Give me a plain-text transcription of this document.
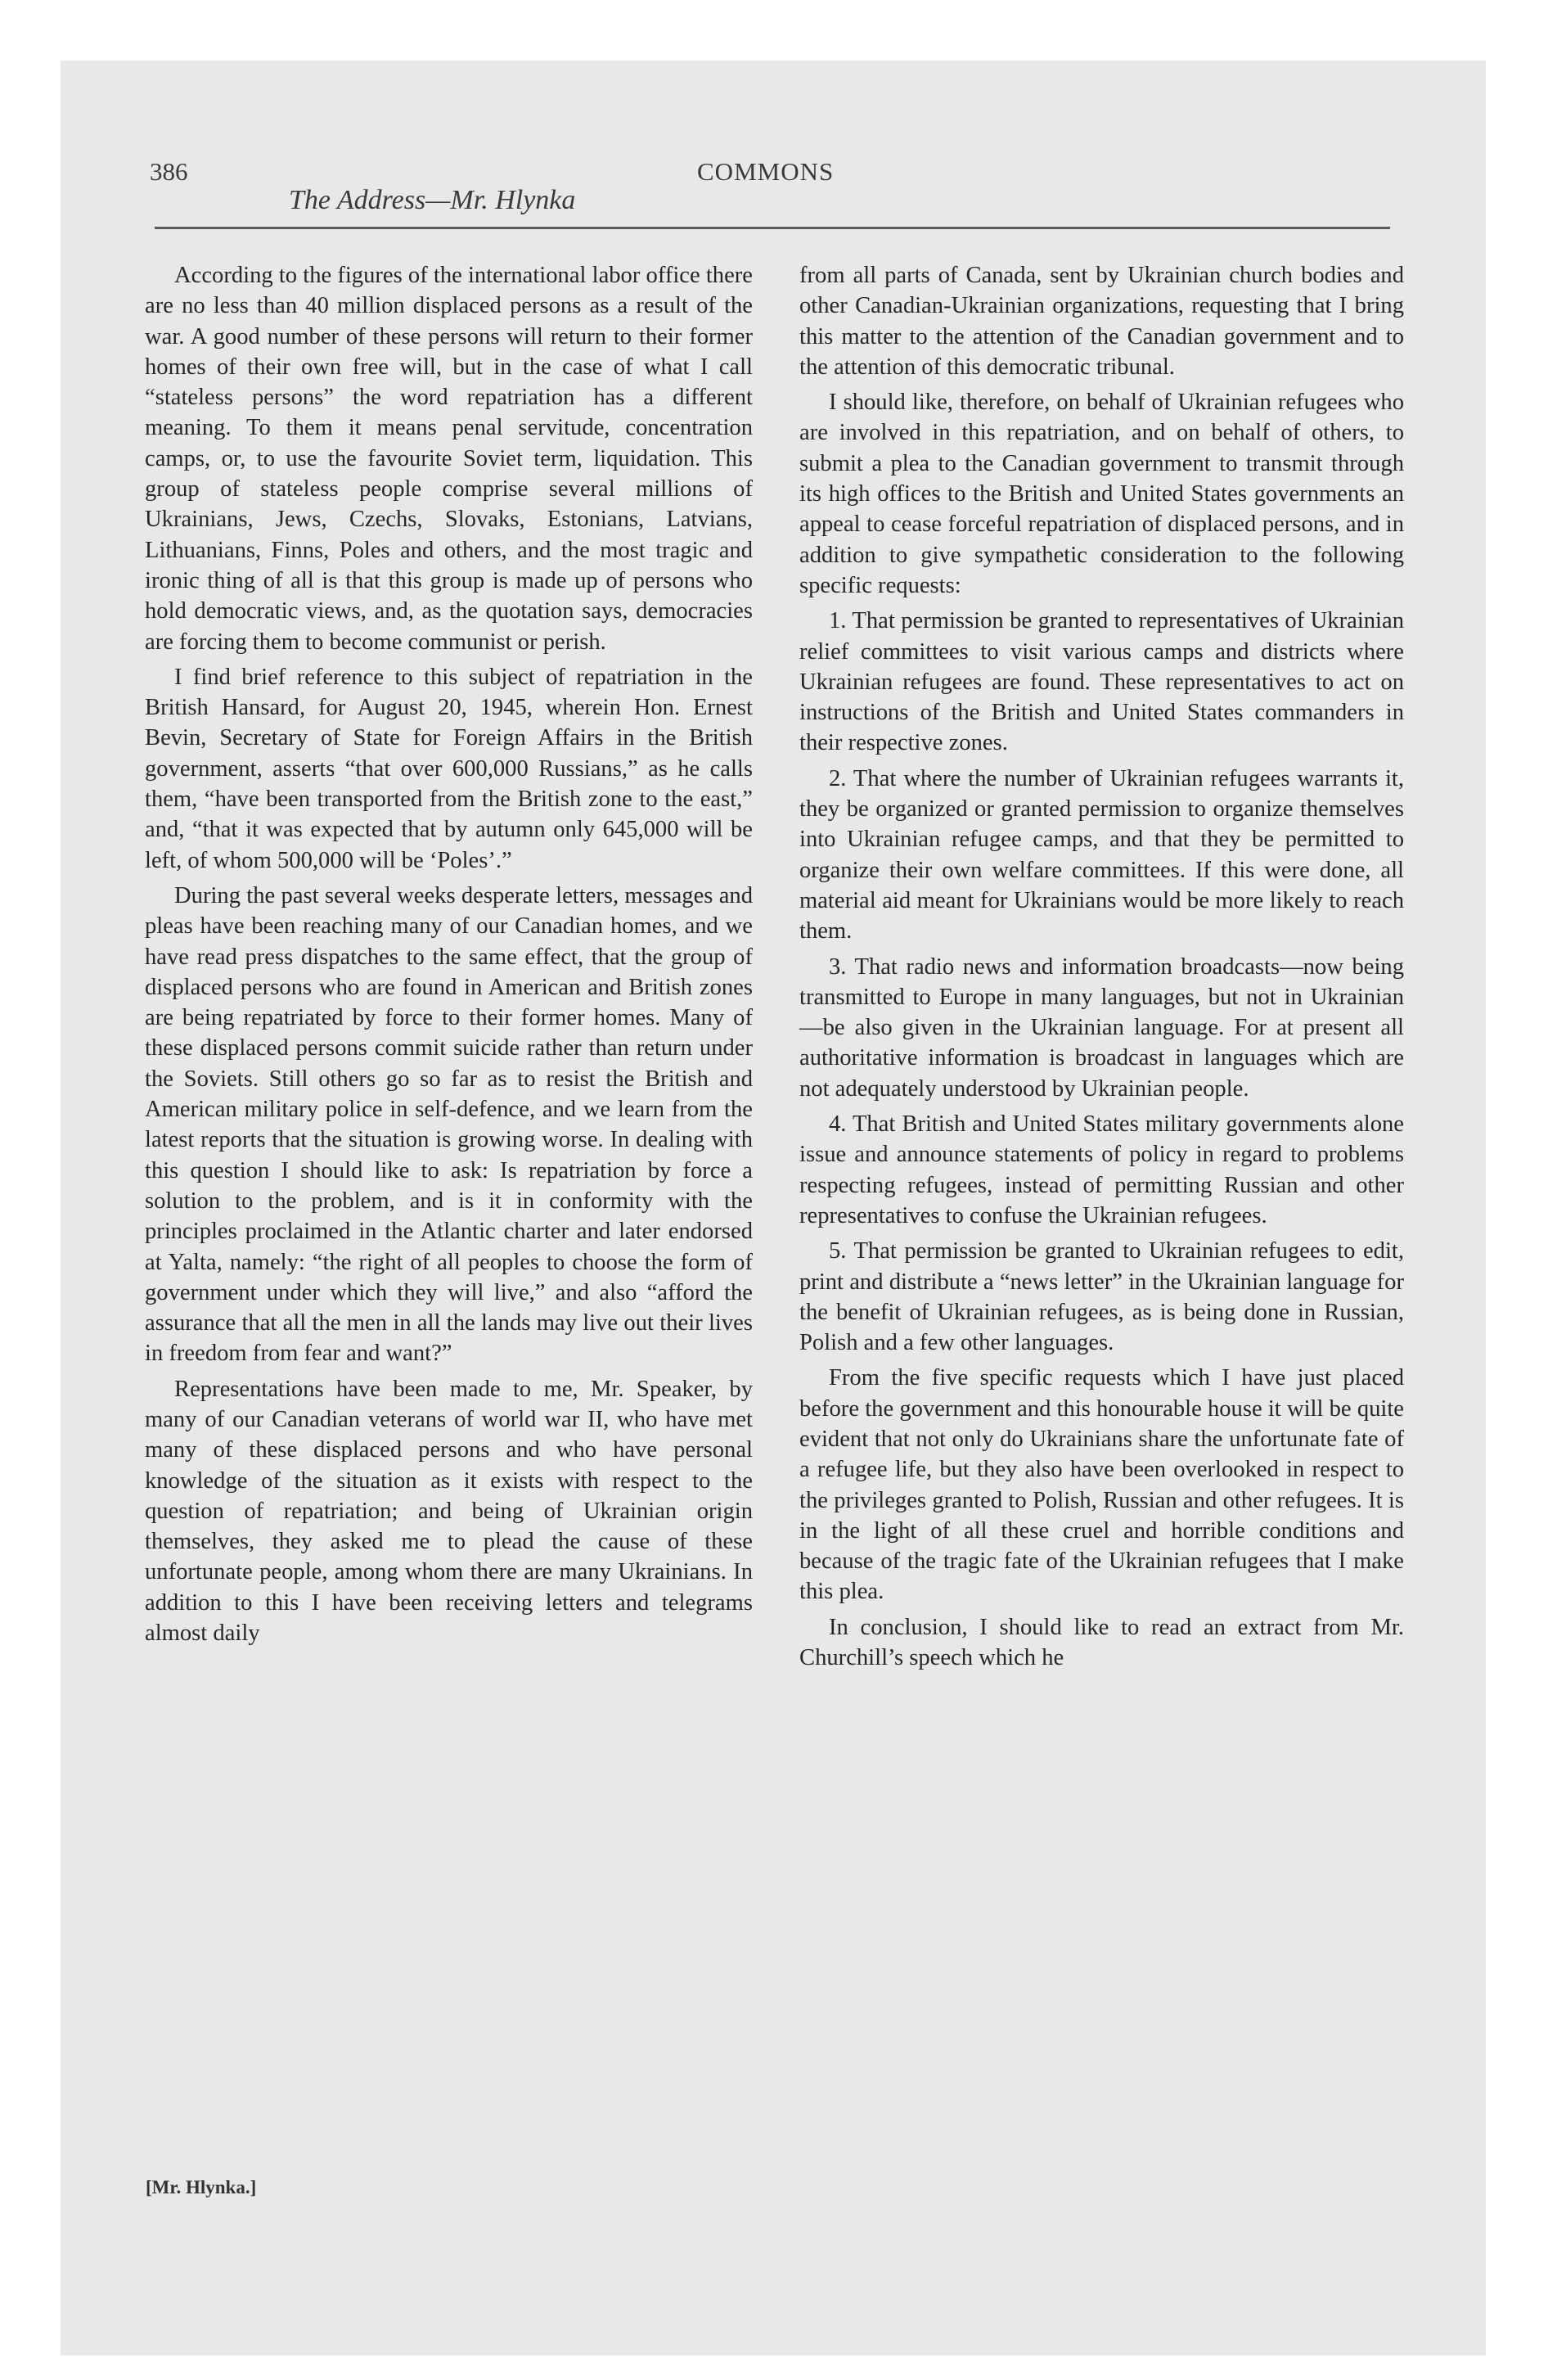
386	COMMONS
The Address—Mr. Hlynka

According to the figures of the international labor office there are no less than 40 million displaced persons as a result of the war. A good number of these persons will return to their former homes of their own free will, but in the case of what I call “stateless persons” the word repatriation has a different meaning. To them it means penal servitude, concentration camps, or, to use the favourite Soviet term, liquidation. This group of stateless people comprise several millions of Ukrainians, Jews, Czechs, Slovaks, Estonians, Latvians, Lithuanians, Finns, Poles and others, and the most tragic and ironic thing of all is that this group is made up of persons who hold democratic views, and, as the quotation says, democracies are forcing them to become communist or perish.

I find brief reference to this subject of repatriation in the British Hansard, for August 20, 1945, wherein Hon. Ernest Bevin, Secretary of State for Foreign Affairs in the British government, asserts “that over 600,000 Russians,” as he calls them, “have been transported from the British zone to the east,” and, “that it was expected that by autumn only 645,000 will be left, of whom 500,000 will be ‘Poles’.”

During the past several weeks desperate letters, messages and pleas have been reaching many of our Canadian homes, and we have read press dispatches to the same effect, that the group of displaced persons who are found in American and British zones are being repatriated by force to their former homes. Many of these displaced persons commit suicide rather than return under the Soviets. Still others go so far as to resist the British and American military police in self-defence, and we learn from the latest reports that the situation is growing worse. In dealing with this question I should like to ask: Is repatriation by force a solution to the problem, and is it in conformity with the principles proclaimed in the Atlantic charter and later endorsed at Yalta, namely: “the right of all peoples to choose the form of government under which they will live,” and also “afford the assurance that all the men in all the lands may live out their lives in freedom from fear and want?”

Representations have been made to me, Mr. Speaker, by many of our Canadian veterans of world war II, who have met many of these displaced persons and who have personal knowledge of the situation as it exists with respect to the question of repatriation; and being of Ukrainian origin themselves, they asked me to plead the cause of these unfortunate people, among whom there are many Ukrainians. In addition to this I have been receiving letters and telegrams almost daily

from all parts of Canada, sent by Ukrainian church bodies and other Canadian-Ukrainian organizations, requesting that I bring this matter to the attention of the Canadian government and to the attention of this democratic tribunal.

I should like, therefore, on behalf of Ukrainian refugees who are involved in this repatriation, and on behalf of others, to submit a plea to the Canadian government to transmit through its high offices to the British and United States governments an appeal to cease forceful repatriation of displaced persons, and in addition to give sympathetic consideration to the following specific requests:

1. That permission be granted to representatives of Ukrainian relief committees to visit various camps and districts where Ukrainian refugees are found. These representatives to act on instructions of the British and United States commanders in their respective zones.

2. That where the number of Ukrainian refugees warrants it, they be organized or granted permission to organize themselves into Ukrainian refugee camps, and that they be permitted to organize their own welfare committees. If this were done, all material aid meant for Ukrainians would be more likely to reach them.

3. That radio news and information broadcasts—now being transmitted to Europe in many languages, but not in Ukrainian—be also given in the Ukrainian language. For at present all authoritative information is broadcast in languages which are not adequately understood by Ukrainian people.

4. That British and United States military governments alone issue and announce statements of policy in regard to problems respecting refugees, instead of permitting Russian and other representatives to confuse the Ukrainian refugees.

5. That permission be granted to Ukrainian refugees to edit, print and distribute a “news letter” in the Ukrainian language for the benefit of Ukrainian refugees, as is being done in Russian, Polish and a few other languages.

From the five specific requests which I have just placed before the government and this honourable house it will be quite evident that not only do Ukrainians share the unfortunate fate of a refugee life, but they also have been overlooked in respect to the privileges granted to Polish, Russian and other refugees. It is in the light of all these cruel and horrible conditions and because of the tragic fate of the Ukrainian refugees that I make this plea.

In conclusion, I should like to read an extract from Mr. Churchill’s speech which he

[Mr. Hlynka.]
